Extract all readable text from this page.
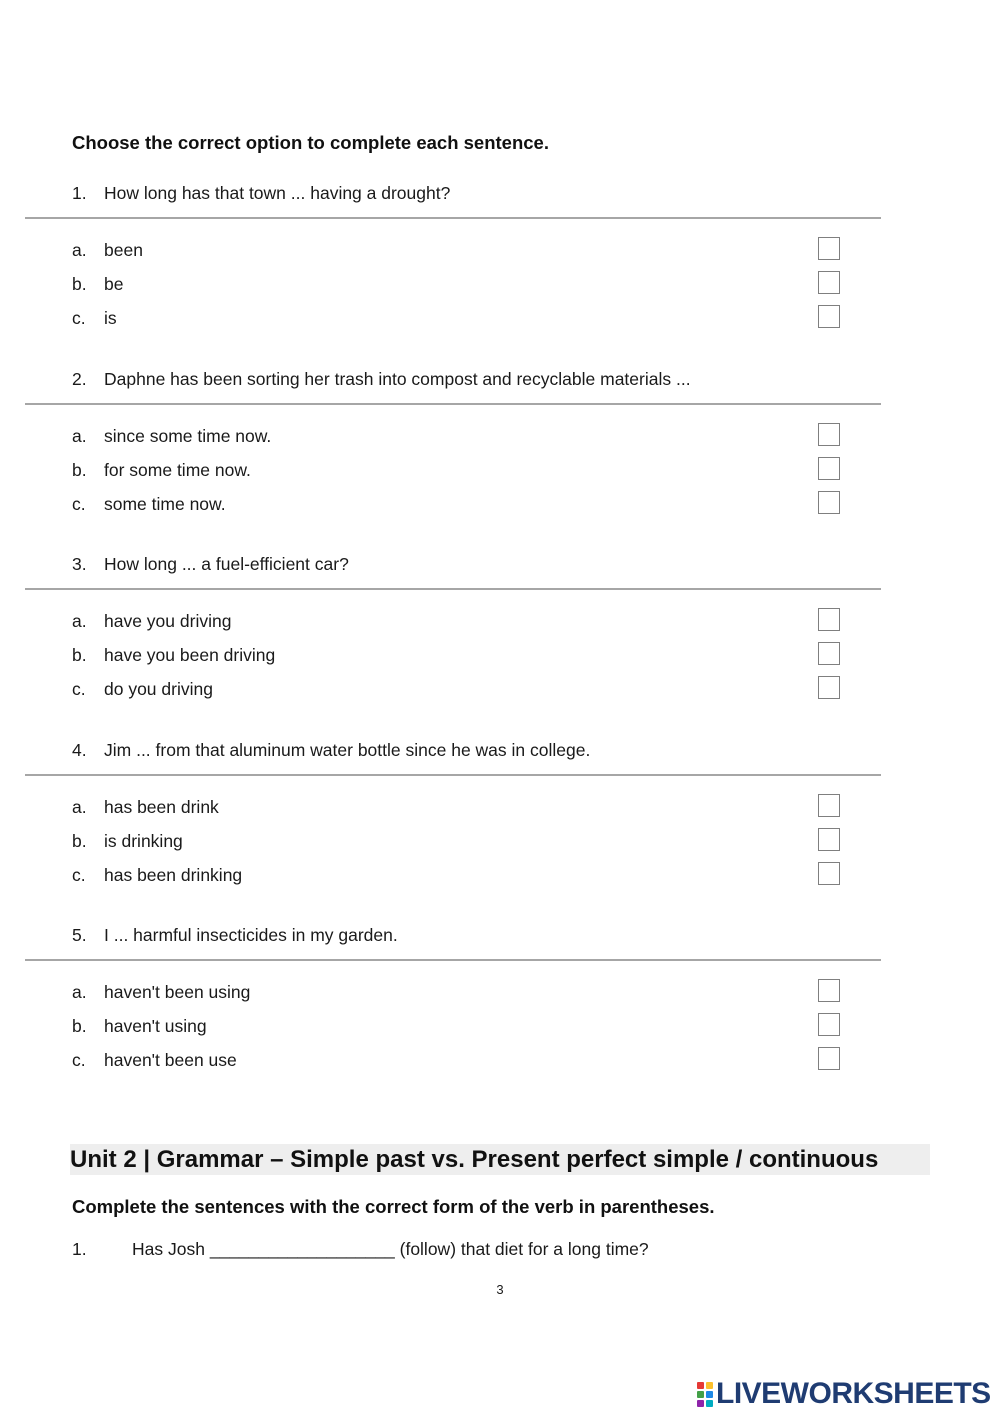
Choose the correct option to complete each sentence.
1. How long has that town ... having a drought?
a. been
b. be
c. is
2. Daphne has been sorting her trash into compost and recyclable materials ...
a. since some time now.
b. for some time now.
c. some time now.
3. How long ... a fuel-efficient car?
a. have you driving
b. have you been driving
c. do you driving
4. Jim ... from that aluminum water bottle since he was in college.
a. has been drink
b. is drinking
c. has been drinking
5. I ... harmful insecticides in my garden.
a. haven't been using
b. haven't using
c. haven't been use
Unit 2 | Grammar – Simple past vs. Present perfect simple / continuous
Complete the sentences with the correct form of the verb in parentheses.
1.	Has Josh ___________________ (follow) that diet for a long time?
3
LIVEWORKSHEETS
